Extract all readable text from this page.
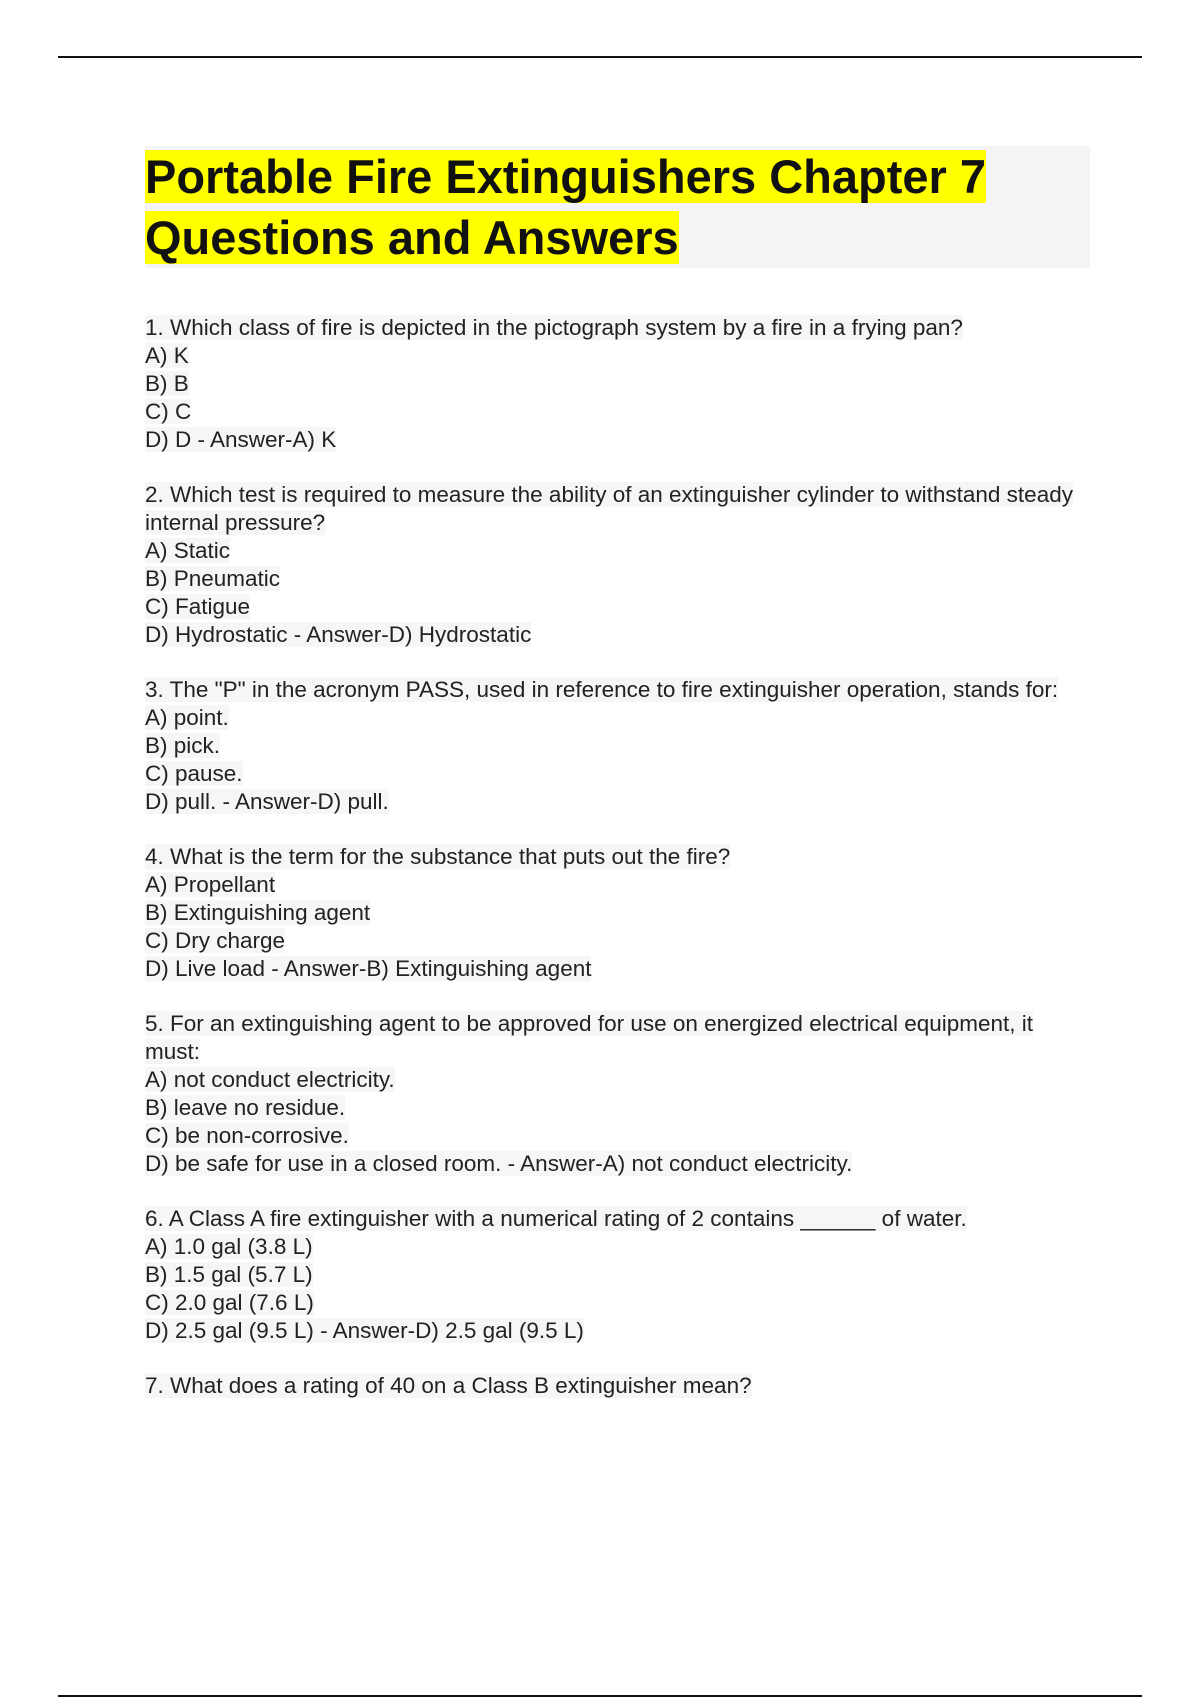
Portable Fire Extinguishers Chapter 7 Questions and Answers
1. Which class of fire is depicted in the pictograph system by a fire in a frying pan?
A) K
B) B
C) C
D) D - Answer-A) K
2. Which test is required to measure the ability of an extinguisher cylinder to withstand steady internal pressure?
A) Static
B) Pneumatic
C) Fatigue
D) Hydrostatic - Answer-D) Hydrostatic
3. The "P" in the acronym PASS, used in reference to fire extinguisher operation, stands for:
A) point.
B) pick.
C) pause.
D) pull. - Answer-D) pull.
4. What is the term for the substance that puts out the fire?
A) Propellant
B) Extinguishing agent
C) Dry charge
D) Live load - Answer-B) Extinguishing agent
5. For an extinguishing agent to be approved for use on energized electrical equipment, it must:
A) not conduct electricity.
B) leave no residue.
C) be non-corrosive.
D) be safe for use in a closed room. - Answer-A) not conduct electricity.
6. A Class A fire extinguisher with a numerical rating of 2 contains ______ of water.
A) 1.0 gal (3.8 L)
B) 1.5 gal (5.7 L)
C) 2.0 gal (7.6 L)
D) 2.5 gal (9.5 L) - Answer-D) 2.5 gal (9.5 L)
7. What does a rating of 40 on a Class B extinguisher mean?
